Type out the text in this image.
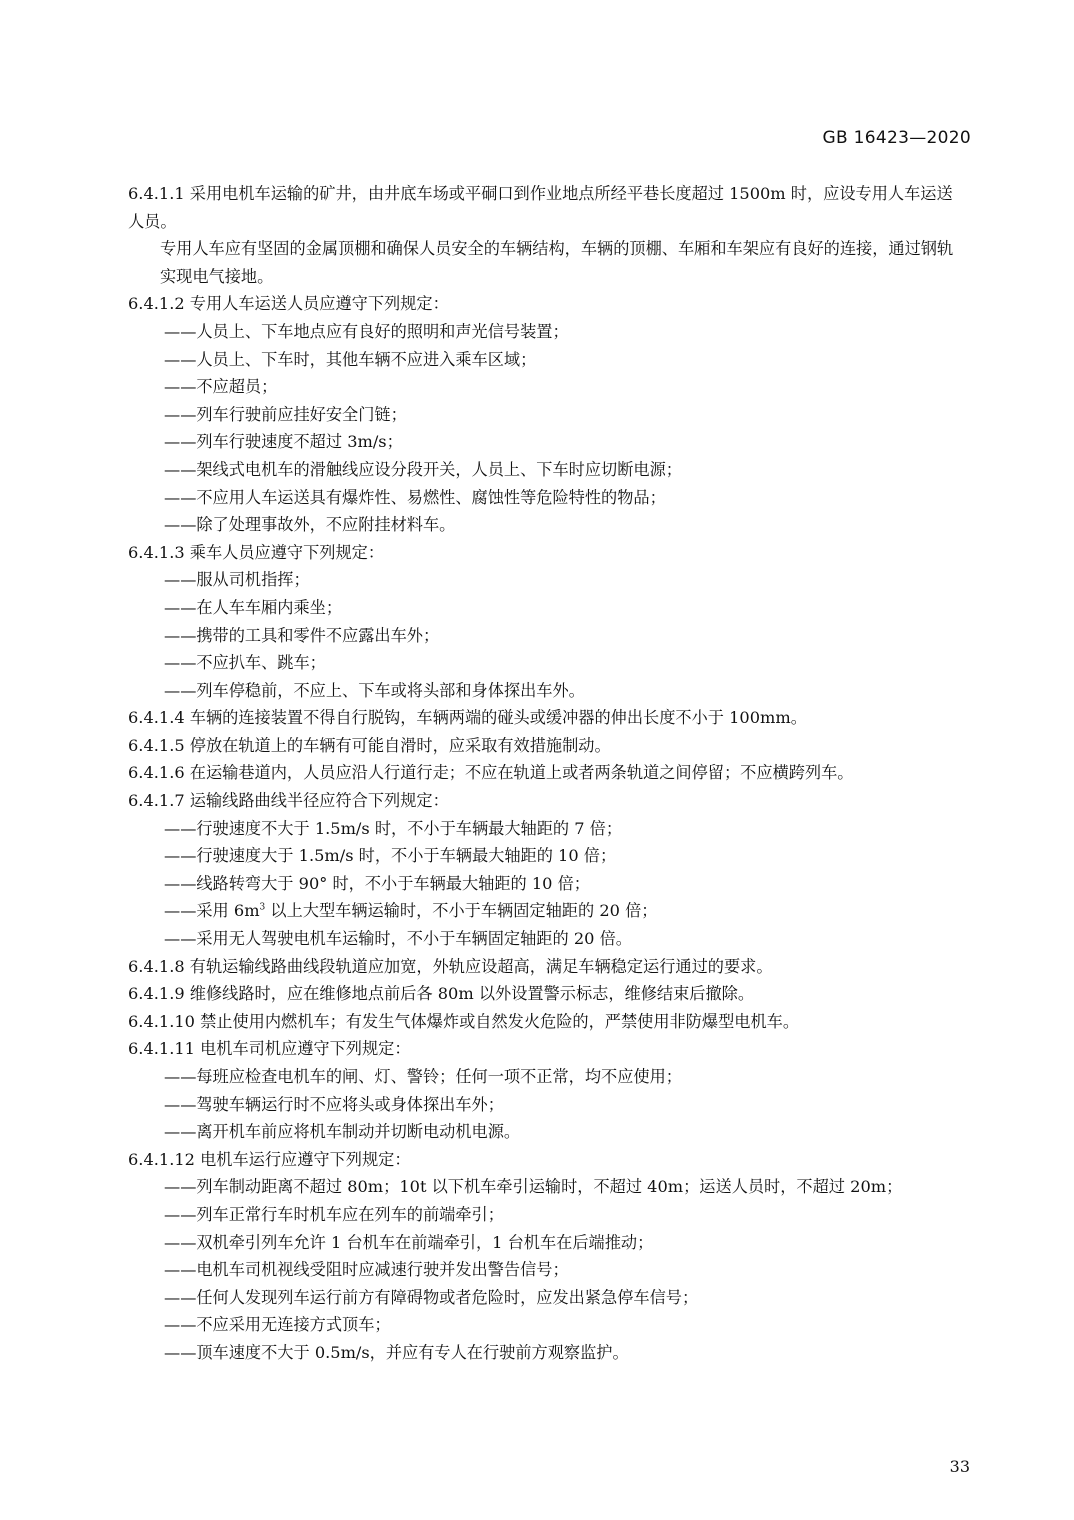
GB 16423—2020
6.4.1.1 采用电机车运输的矿井，由井底车场或平硐口到作业地点所经平巷长度超过 1500m 时，应设专用人车运送人员。
专用人车应有坚固的金属顶棚和确保人员安全的车辆结构，车辆的顶棚、车厢和车架应有良好的连接，通过钢轨实现电气接地。
6.4.1.2 专用人车运送人员应遵守下列规定：
——人员上、下车地点应有良好的照明和声光信号装置；
——人员上、下车时，其他车辆不应进入乘车区域；
——不应超员；
——列车行驶前应挂好安全门链；
——列车行驶速度不超过 3m/s；
——架线式电机车的滑触线应设分段开关，人员上、下车时应切断电源；
——不应用人车运送具有爆炸性、易燃性、腐蚀性等危险特性的物品；
——除了处理事故外，不应附挂材料车。
6.4.1.3 乘车人员应遵守下列规定：
——服从司机指挥；
——在人车车厢内乘坐；
——携带的工具和零件不应露出车外；
——不应扒车、跳车；
——列车停稳前，不应上、下车或将头部和身体探出车外。
6.4.1.4 车辆的连接装置不得自行脱钩，车辆两端的碰头或缓冲器的伸出长度不小于 100mm。
6.4.1.5 停放在轨道上的车辆有可能自滑时，应采取有效措施制动。
6.4.1.6 在运输巷道内，人员应沿人行道行走；不应在轨道上或者两条轨道之间停留；不应横跨列车。
6.4.1.7 运输线路曲线半径应符合下列规定：
——行驶速度不大于 1.5m/s 时，不小于车辆最大轴距的 7 倍；
——行驶速度大于 1.5m/s 时，不小于车辆最大轴距的 10 倍；
——线路转弯大于 90° 时，不小于车辆最大轴距的 10 倍；
——采用 $6m^3$ 以上大型车辆运输时，不小于车辆固定轴距的 20 倍；
——采用无人驾驶电机车运输时，不小于车辆固定轴距的 20 倍。
6.4.1.8 有轨运输线路曲线段轨道应加宽，外轨应设超高，满足车辆稳定运行通过的要求。
6.4.1.9 维修线路时，应在维修地点前后各 80m 以外设置警示标志，维修结束后撤除。
6.4.1.10 禁止使用内燃机车；有发生气体爆炸或自然发火危险的，严禁使用非防爆型电机车。
6.4.1.11 电机车司机应遵守下列规定：
——每班应检查电机车的闸、灯、警铃；任何一项不正常，均不应使用；
——驾驶车辆运行时不应将头或身体探出车外；
——离开机车前应将机车制动并切断电动机电源。
6.4.1.12 电机车运行应遵守下列规定：
——列车制动距离不超过 80m；10t 以下机车牵引运输时，不超过 40m；运送人员时，不超过 20m；
——列车正常行车时机车应在列车的前端牵引；
——双机牵引列车允许 1 台机车在前端牵引，1 台机车在后端推动；
——电机车司机视线受阻时应减速行驶并发出警告信号；
——任何人发现列车运行前方有障碍物或者危险时，应发出紧急停车信号；
——不应采用无连接方式顶车；
——顶车速度不大于 0.5m/s，并应有专人在行驶前方观察监护。
33
